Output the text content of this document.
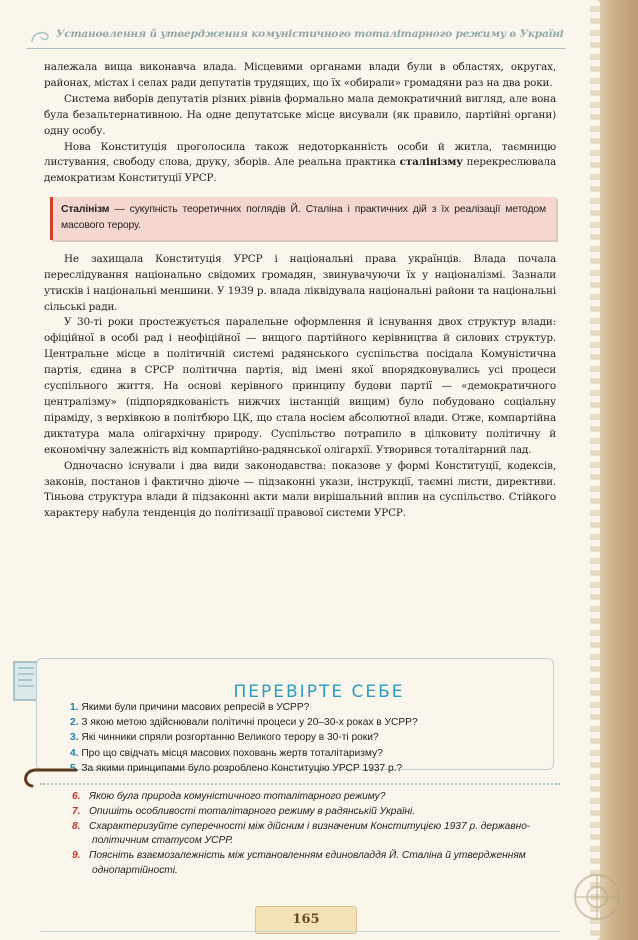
Установлення й утвердження комуністичного тоталітарного режиму в Україні

належала вища виконавча влада. Місцевими органами влади були в областях, округах, районах, містах і селах ради депутатів трудящих, що їх «обирали» громадяни раз на два роки.

Система виборів депутатів різних рівнів формально мала демократичний вигляд, але вона була безальтернативною. На одне депутатське місце висували (як правило, партійні органи) одну особу.

Нова Конституція проголосила також недоторканність особи й житла, таємницю листування, свободу слова, друку, зборів. Але реальна практика сталінізму перекреслювала демократизм Конституції УРСР.

Сталінізм — сукупність теоретичних поглядів Й. Сталіна і практичних дій з їх реалізації методом масового терору.

Не захищала Конституція УРСР і національні права українців. Влада почала переслідування національно свідомих громадян, звинувачуючи їх у націоналізмі. Зазнали утисків і національні меншини. У 1939 р. влада ліквідувала національні райони та національні сільські ради.

У 30-ті роки простежується паралельне оформлення й існування двох структур влади: офіційної в особі рад і неофіційної — вищого партійного керівництва й силових структур. Центральне місце в політичній системі радянського суспільства посідала Комуністична партія, єдина в СРСР політична партія, від імені якої впорядковувались усі процеси суспільного життя. На основі керівного принципу будови партії — «демократичного централізму» (підпорядкованість нижчих інстанцій вищим) було побудовано соціальну піраміду, з верхівкою в політбюро ЦК, що стала носієм абсолютної влади. Отже, компартійна диктатура мала олігархічну природу. Суспільство потрапило в цілковиту політичну й економічну залежність від компартійно-радянської олігархії. Утворився тоталітарний лад.

Одночасно існували і два види законодавства: показове у формі Конституції, кодексів, законів, постанов і фактично діюче — підзаконні укази, інструкції, таємні листи, директиви. Тіньова структура влади й підзаконні акти мали вирішальний вплив на суспільство. Стійкого характеру набула тенденція до політизації правової системи УРСР.

ПЕРЕВІРТЕ СЕБЕ
1. Якими були причини масових репресій в УСРР?
2. З якою метою здійснювали політичні процеси у 20–30-х роках в УСРР?
3. Які чинники спряли розгортанню Великого терору в 30-ті роки?
4. Про що свідчать місця масових поховань жертв тоталітаризму?
5. За якими принципами було розроблено Конституцію УРСР 1937 р.?
6. Якою була природа комуністичного тоталітарного режиму?
7. Опишіть особливості тоталітарного режиму в радянській Україні.
8. Схарактеризуйте суперечності між дійсним і визначеним Конституцією 1937 р. державно-політичним статусом УСРР.
9. Поясніть взаємозалежність між установленням єдиновладдя Й. Сталіна й утвердженням однопартійності.
165
